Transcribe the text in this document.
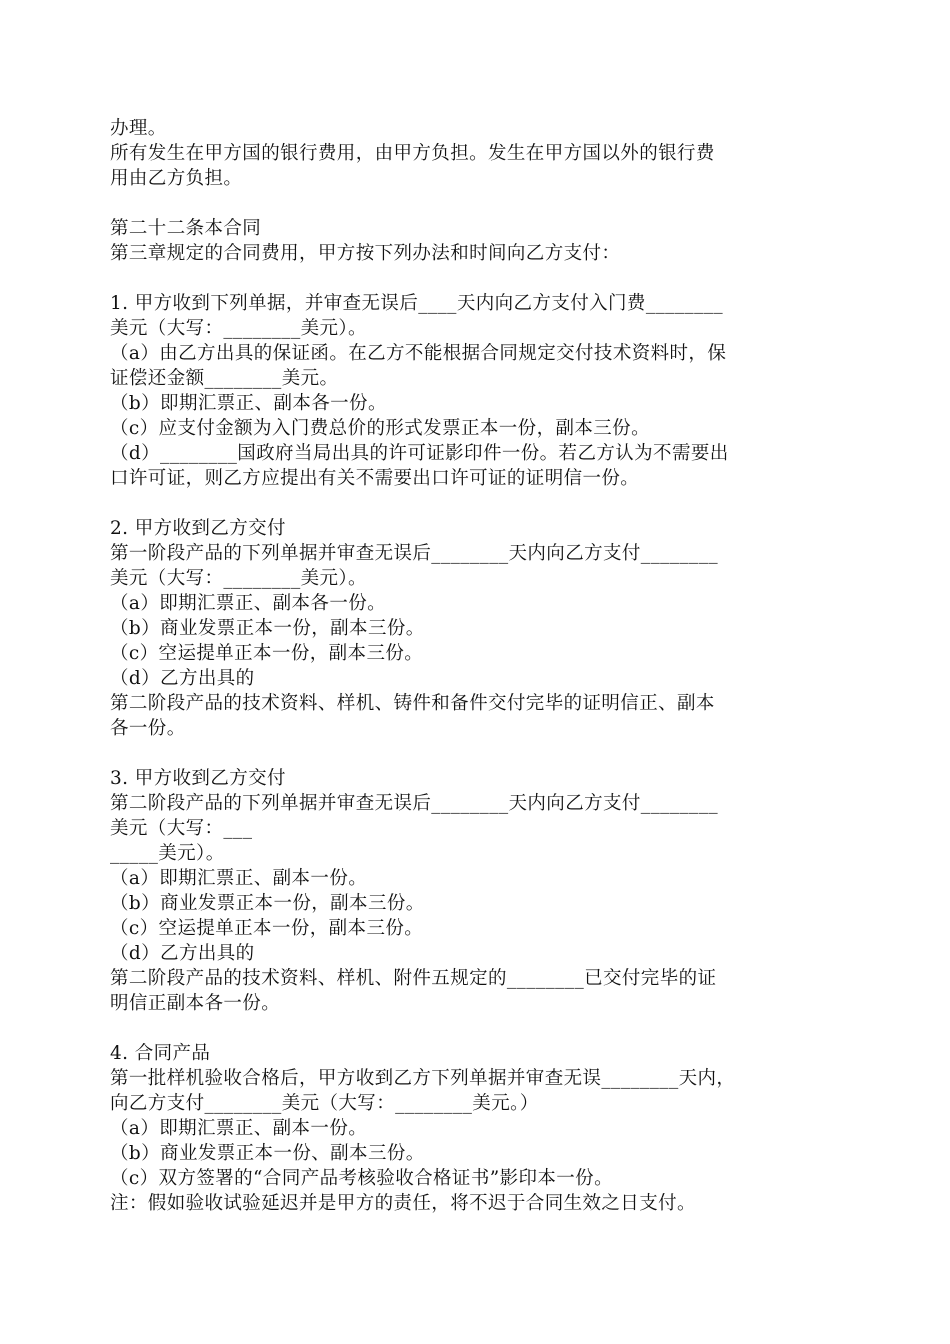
办理。
所有发生在甲方国的银行费用，由甲方负担。发生在甲方国以外的银行费
用由乙方负担。
第二十二条本合同
第三章规定的合同费用，甲方按下列办法和时间向乙方支付：
1. 甲方收到下列单据，并审查无误后____天内向乙方支付入门费________
美元（大写：________美元）。
（a）由乙方出具的保证函。在乙方不能根据合同规定交付技术资料时，保
证偿还金额________美元。
（b）即期汇票正、副本各一份。
（c）应支付金额为入门费总价的形式发票正本一份，副本三份。
（d）________国政府当局出具的许可证影印件一份。若乙方认为不需要出
口许可证，则乙方应提出有关不需要出口许可证的证明信一份。
2. 甲方收到乙方交付
第一阶段产品的下列单据并审查无误后________天内向乙方支付________
美元（大写：________美元）。
（a）即期汇票正、副本各一份。
（b）商业发票正本一份，副本三份。
（c）空运提单正本一份，副本三份。
（d）乙方出具的
第二阶段产品的技术资料、样机、铸件和备件交付完毕的证明信正、副本
各一份。
3. 甲方收到乙方交付
第二阶段产品的下列单据并审查无误后________天内向乙方支付________
美元（大写：___
_____美元）。
（a）即期汇票正、副本一份。
（b）商业发票正本一份，副本三份。
（c）空运提单正本一份，副本三份。
（d）乙方出具的
第二阶段产品的技术资料、样机、附件五规定的________已交付完毕的证
明信正副本各一份。
4. 合同产品
第一批样机验收合格后，甲方收到乙方下列单据并审查无误________天内，
向乙方支付________美元（大写：________美元。）
（a）即期汇票正、副本一份。
（b）商业发票正本一份、副本三份。
（c）双方签署的“合同产品考核验收合格证书”影印本一份。
注：假如验收试验延迟并是甲方的责任，将不迟于合同生效之日支付。
